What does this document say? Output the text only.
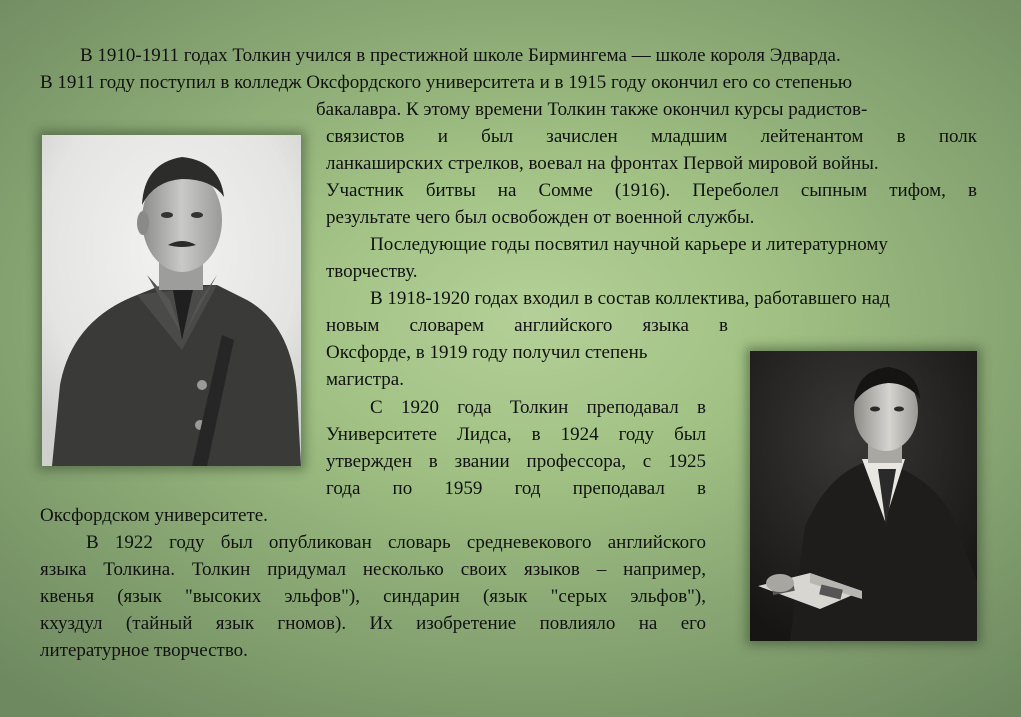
В 1910-1911 годах Толкин учился в престижной школе Бирмингема — школе короля Эдварда.

В 1911 году поступил в колледж Оксфордского университета и в 1915 году окончил его со степенью

бакалавра. К этому времени Толкин также окончил курсы радистов-

связистов и был зачислен младшим лейтенантом в полк

ланкаширских стрелков, воевал на фронтах Первой мировой войны.

Участник битвы на Сомме (1916). Переболел сыпным тифом, в

результате чего был освобожден от военной службы.

Последующие годы посвятил научной карьере и литературному

творчеству.

В 1918-1920 годах входил в состав коллектива, работавшего над

новым словарем английского языка в

Оксфорде, в 1919 году получил степень

магистра.

С 1920 года Толкин преподавал в

Университете Лидса, в 1924 году был

утвержден в звании профессора, с 1925

года по 1959 год преподавал в

Оксфордском университете.

В 1922 году был опубликован словарь средневекового английского

языка Толкина. Толкин придумал несколько своих языков – например,

квенья (язык "высоких эльфов"), синдарин (язык "серых эльфов"),

кхуздул (тайный язык гномов). Их изобретение повлияло на его

литературное творчество.
